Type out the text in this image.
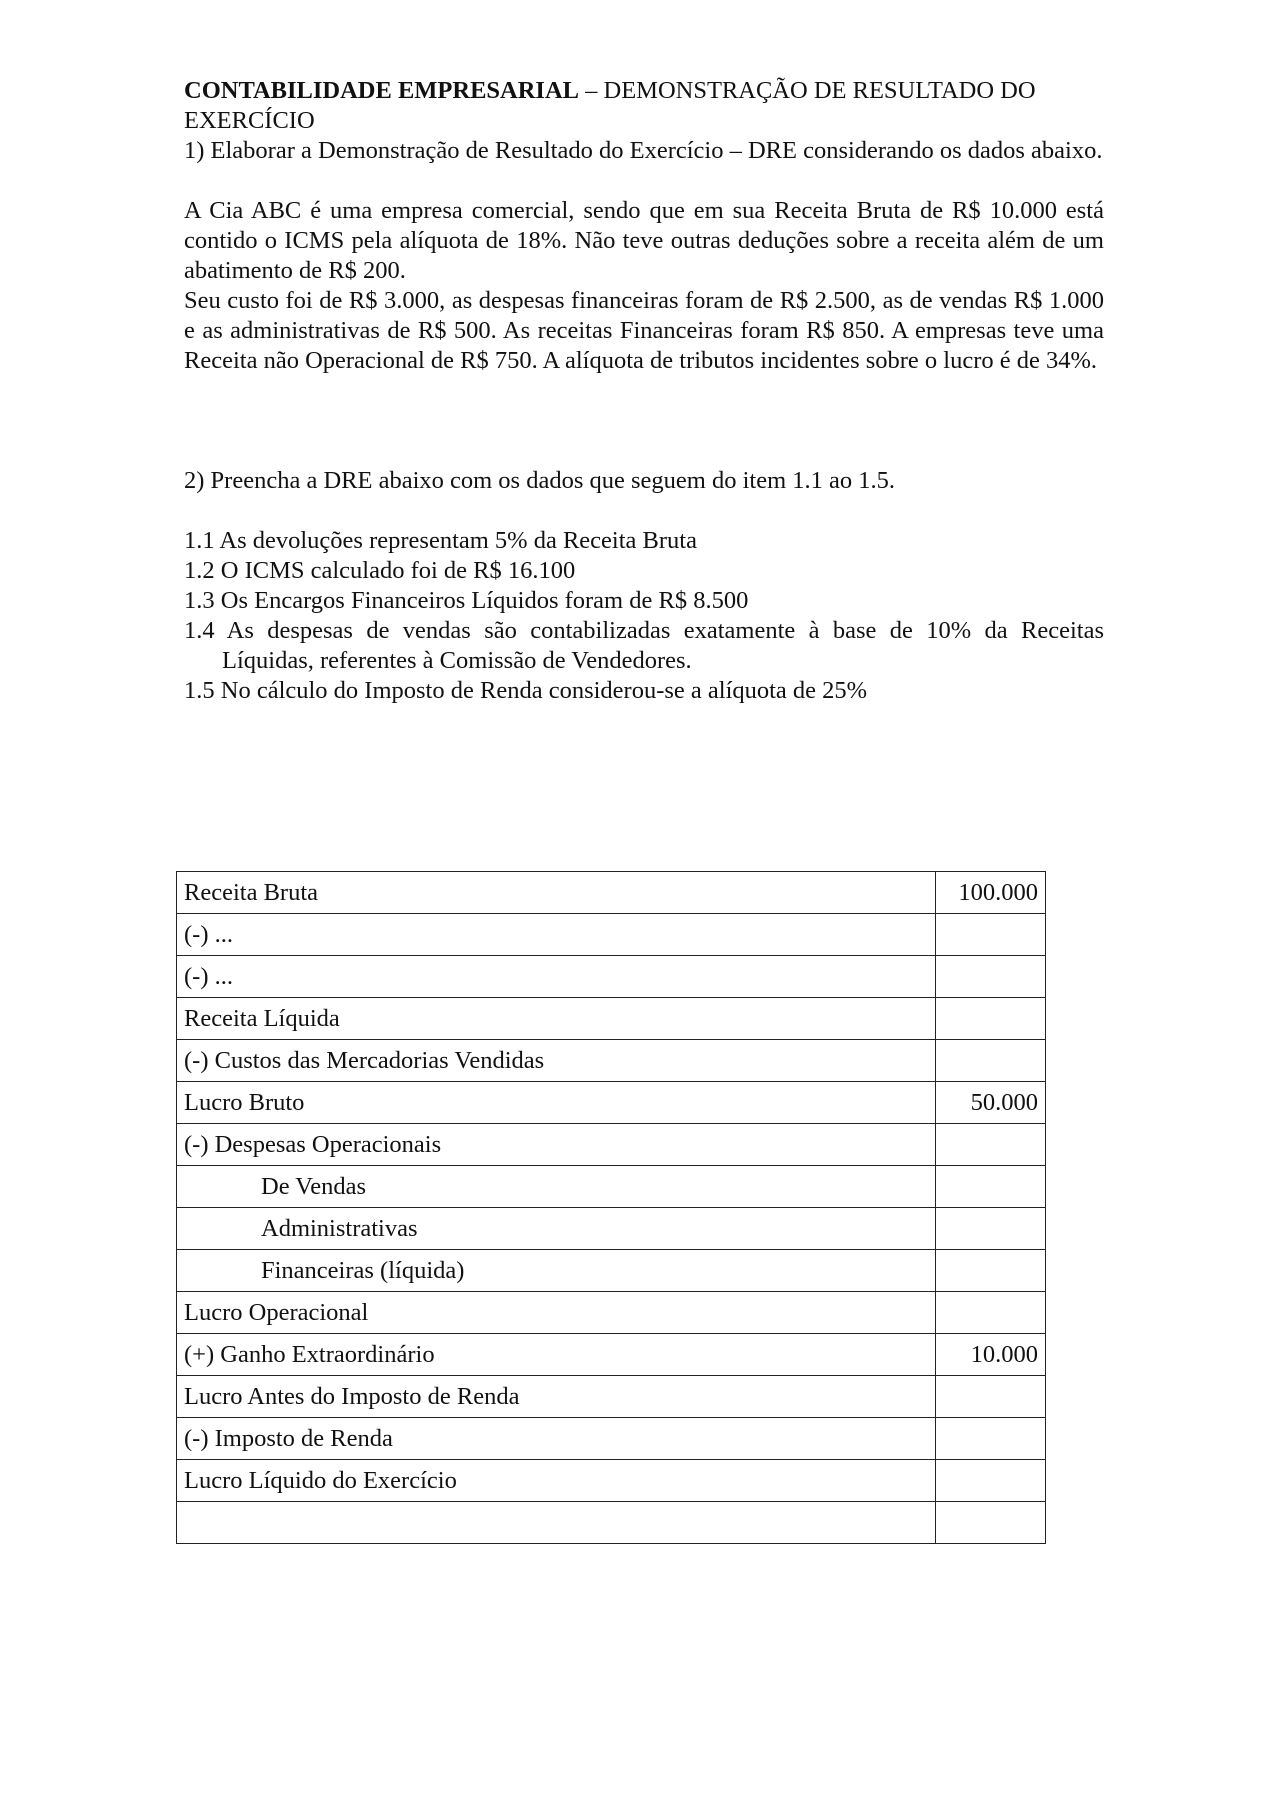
CONTABILIDADE EMPRESARIAL – DEMONSTRAÇÃO DE RESULTADO DO EXERCÍCIO

1) Elaborar a Demonstração de Resultado do Exercício – DRE considerando os dados abaixo.

A Cia ABC é uma empresa comercial, sendo que em sua Receita Bruta de R$ 10.000 está contido o ICMS pela alíquota de 18%. Não teve outras deduções sobre a receita além de um abatimento de R$ 200.

Seu custo foi de R$ 3.000, as despesas financeiras foram de R$ 2.500, as de vendas R$ 1.000 e as administrativas de R$ 500. As receitas Financeiras foram R$ 850. A empresas teve uma Receita não Operacional de R$ 750. A alíquota de tributos incidentes sobre o lucro é de 34%.

2) Preencha a DRE abaixo com os dados que seguem do item 1.1 ao 1.5.

1.1 As devoluções representam 5% da Receita Bruta
1.2 O ICMS calculado foi de R$ 16.100
1.3 Os Encargos Financeiros Líquidos foram de R$ 8.500
1.4 As despesas de vendas são contabilizadas exatamente à base de 10% da Receitas Líquidas, referentes à Comissão de Vendedores.
1.5 No cálculo do Imposto de Renda considerou-se a alíquota de 25%
Receita Bruta	100.000
(-) ...	
(-) ...	
Receita Líquida	
(-) Custos das Mercadorias Vendidas	
Lucro Bruto	50.000
(-) Despesas Operacionais	
De Vendas	
Administrativas	
Financeiras (líquida)	
Lucro Operacional	
(+) Ganho Extraordinário	10.000
Lucro Antes do Imposto de Renda	
(-) Imposto de Renda	
Lucro Líquido do Exercício	
